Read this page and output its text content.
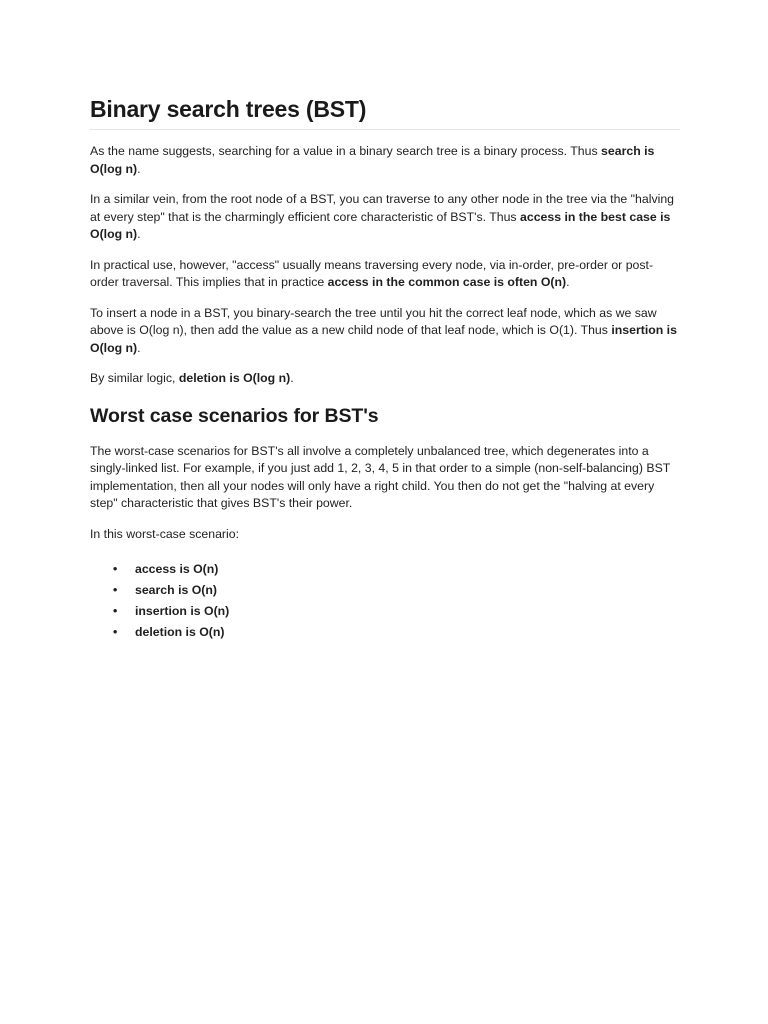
Binary search trees (BST)

As the name suggests, searching for a value in a binary search tree is a binary process. Thus search is O(log n).

In a similar vein, from the root node of a BST, you can traverse to any other node in the tree via the "halving at every step" that is the charmingly efficient core characteristic of BST's. Thus access in the best case is O(log n).

In practical use, however, "access" usually means traversing every node, via in-order, pre-order or post-order traversal. This implies that in practice access in the common case is often O(n).

To insert a node in a BST, you binary-search the tree until you hit the correct leaf node, which as we saw above is O(log n), then add the value as a new child node of that leaf node, which is O(1). Thus insertion is O(log n).

By similar logic, deletion is O(log n).

Worst case scenarios for BST's

The worst-case scenarios for BST's all involve a completely unbalanced tree, which degenerates into a singly-linked list. For example, if you just add 1, 2, 3, 4, 5 in that order to a simple (non-self-balancing) BST implementation, then all your nodes will only have a right child. You then do not get the "halving at every step" characteristic that gives BST's their power.

In this worst-case scenario:

• access is O(n)
• search is O(n)
• insertion is O(n)
• deletion is O(n)
